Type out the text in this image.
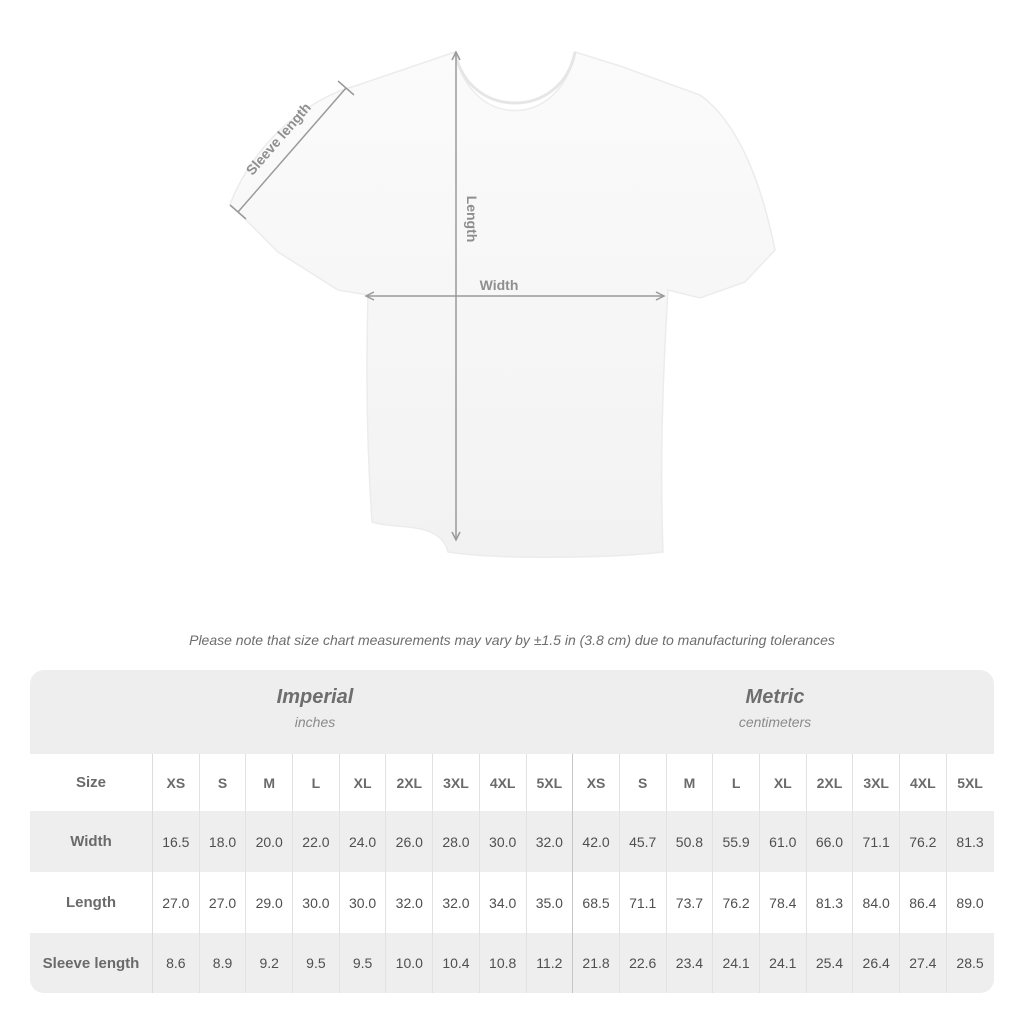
Sleeve length
Length
Width
Please note that size chart measurements may vary by ±1.5 in (3.8 cm) due to manufacturing tolerances
Imperial
inches
Metric
centimeters
Size	XS	S	M	L	XL	2XL	3XL	4XL	5XL	XS	S	M	L	XL	2XL	3XL	4XL	5XL
Width	16.5	18.0	20.0	22.0	24.0	26.0	28.0	30.0	32.0	42.0	45.7	50.8	55.9	61.0	66.0	71.1	76.2	81.3
Length	27.0	27.0	29.0	30.0	30.0	32.0	32.0	34.0	35.0	68.5	71.1	73.7	76.2	78.4	81.3	84.0	86.4	89.0
Sleeve length	8.6	8.9	9.2	9.5	9.5	10.0	10.4	10.8	11.2	21.8	22.6	23.4	24.1	24.1	25.4	26.4	27.4	28.5
